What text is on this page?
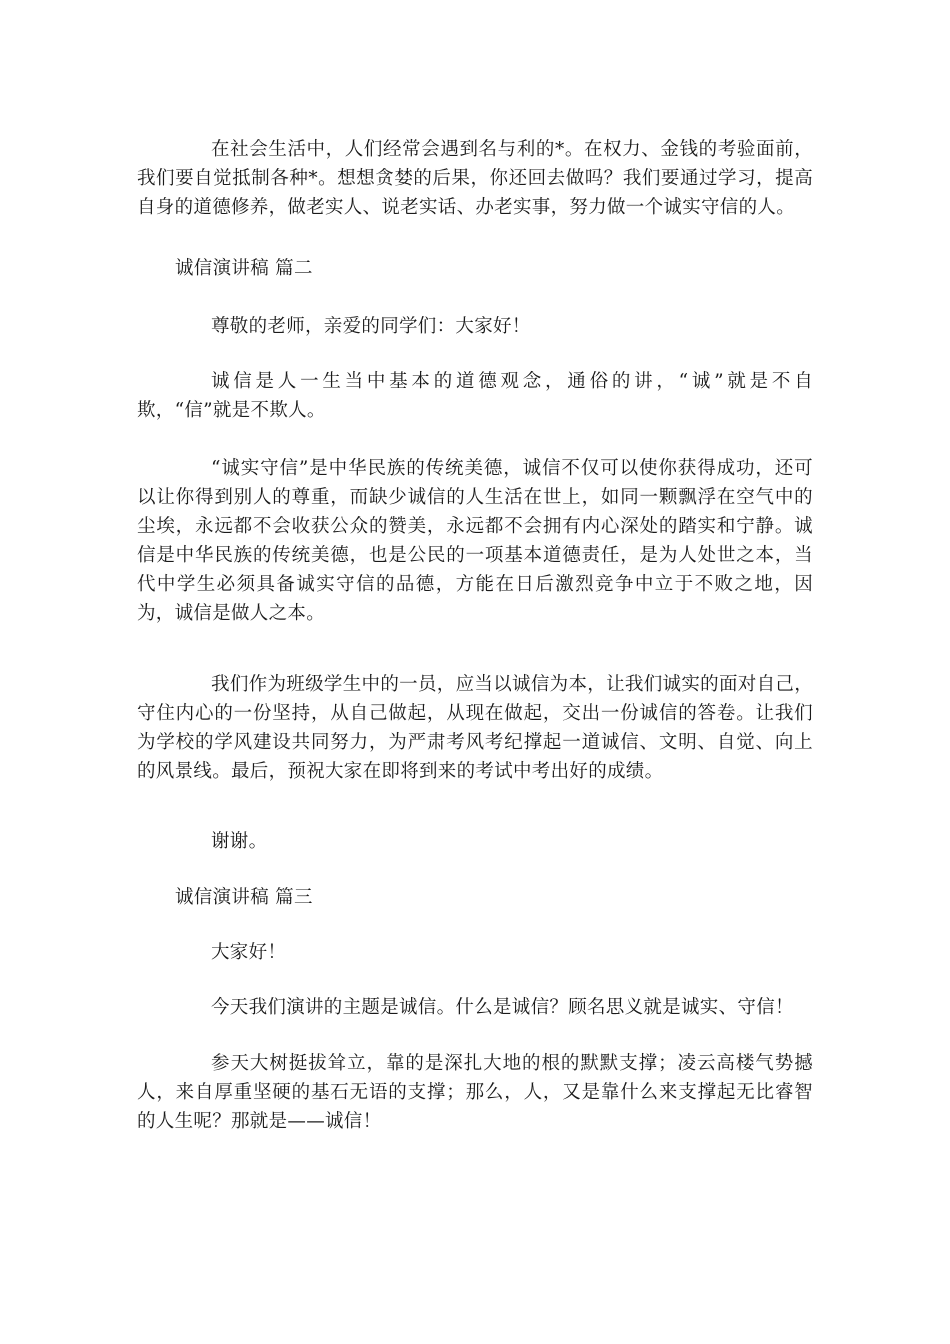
在社会生活中，人们经常会遇到名与利的*。在权力、金钱的考验面前，我们要自觉抵制各种*。想想贪婪的后果，你还回去做吗？我们要通过学习，提高自身的道德修养，做老实人、说老实话、办老实事，努力做一个诚实守信的人。

诚信演讲稿 篇二

尊敬的老师，亲爱的同学们：大家好！

诚信是人一生当中基本的道德观念，通俗的讲，“诚”就是不自欺，“信”就是不欺人。

“诚实守信”是中华民族的传统美德，诚信不仅可以使你获得成功，还可以让你得到别人的尊重，而缺少诚信的人生活在世上，如同一颗飘浮在空气中的尘埃，永远都不会收获公众的赞美，永远都不会拥有内心深处的踏实和宁静。诚信是中华民族的传统美德，也是公民的一项基本道德责任，是为人处世之本，当代中学生必须具备诚实守信的品德，方能在日后激烈竞争中立于不败之地，因为，诚信是做人之本。

我们作为班级学生中的一员，应当以诚信为本，让我们诚实的面对自己，守住内心的一份坚持，从自己做起，从现在做起，交出一份诚信的答卷。让我们为学校的学风建设共同努力，为严肃考风考纪撑起一道诚信、文明、自觉、向上的风景线。最后，预祝大家在即将到来的考试中考出好的成绩。

谢谢。

诚信演讲稿 篇三

大家好！

今天我们演讲的主题是诚信。什么是诚信？顾名思义就是诚实、守信！

参天大树挺拔耸立，靠的是深扎大地的根的默默支撑；凌云高楼气势撼人，来自厚重坚硬的基石无语的支撑；那么，人，又是靠什么来支撑起无比睿智的人生呢？那就是——诚信！
